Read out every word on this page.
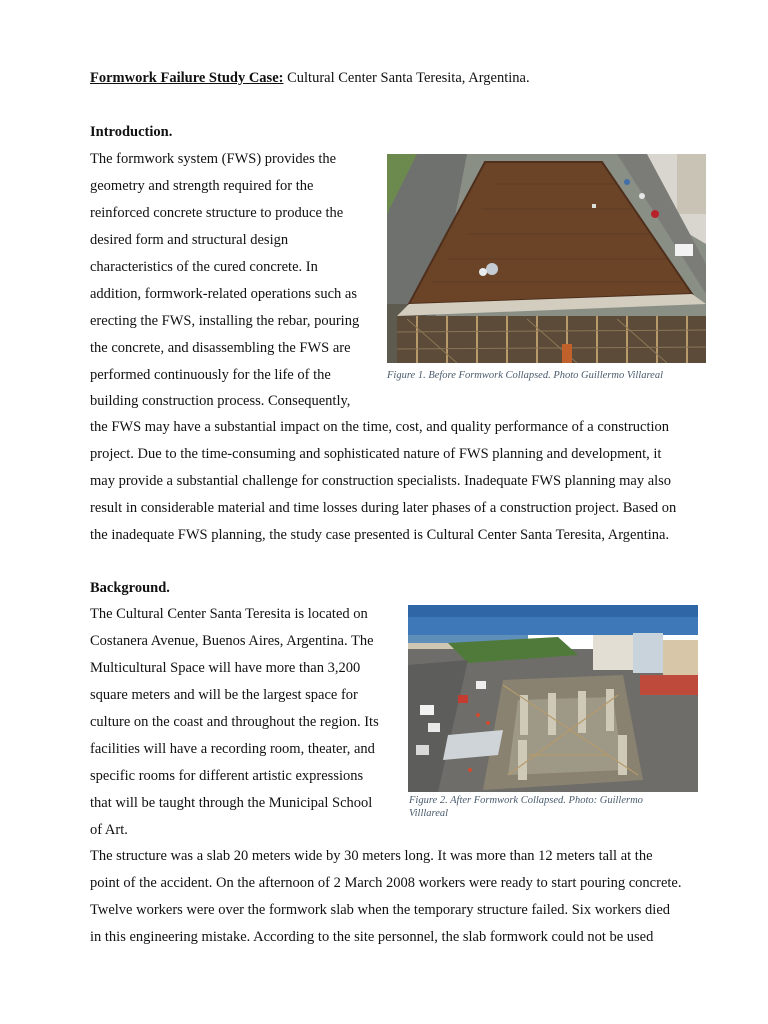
Formwork Failure Study Case: Cultural Center Santa Teresita, Argentina.
Introduction.
The formwork system (FWS) provides the
geometry and strength required for the
reinforced concrete structure to produce the
desired form and structural design
characteristics of the cured concrete. In
addition, formwork-related operations such as
erecting the FWS, installing the rebar, pouring
the concrete, and disassembling the FWS are
performed continuously for the life of the
building construction process. Consequently,
the FWS may have a substantial impact on the time, cost, and quality performance of a construction
project. Due to the time-consuming and sophisticated nature of FWS planning and development, it
may provide a substantial challenge for construction specialists. Inadequate FWS planning may also
result in considerable material and time losses during later phases of a construction project. Based on
the inadequate FWS planning, the study case presented is Cultural Center Santa Teresita, Argentina.
Figure 1. Before Formwork Collapsed. Photo Guillermo Villareal
Background.
The Cultural Center Santa Teresita is located on
Costanera Avenue, Buenos Aires, Argentina. The
Multicultural Space will have more than 3,200
square meters and will be the largest space for
culture on the coast and throughout the region. Its
facilities will have a recording room, theater, and
specific rooms for different artistic expressions
that will be taught through the Municipal School
of Art.
The structure was a slab 20 meters wide by 30 meters long. It was more than 12 meters tall at the
point of the accident. On the afternoon of 2 March 2008 workers were ready to start pouring concrete.
Twelve workers were over the formwork slab when the temporary structure failed. Six workers died
in this engineering mistake. According to the site personnel, the slab formwork could not be used
Figure 2. After Formwork Collapsed. Photo: Guillermo
Villlareal
